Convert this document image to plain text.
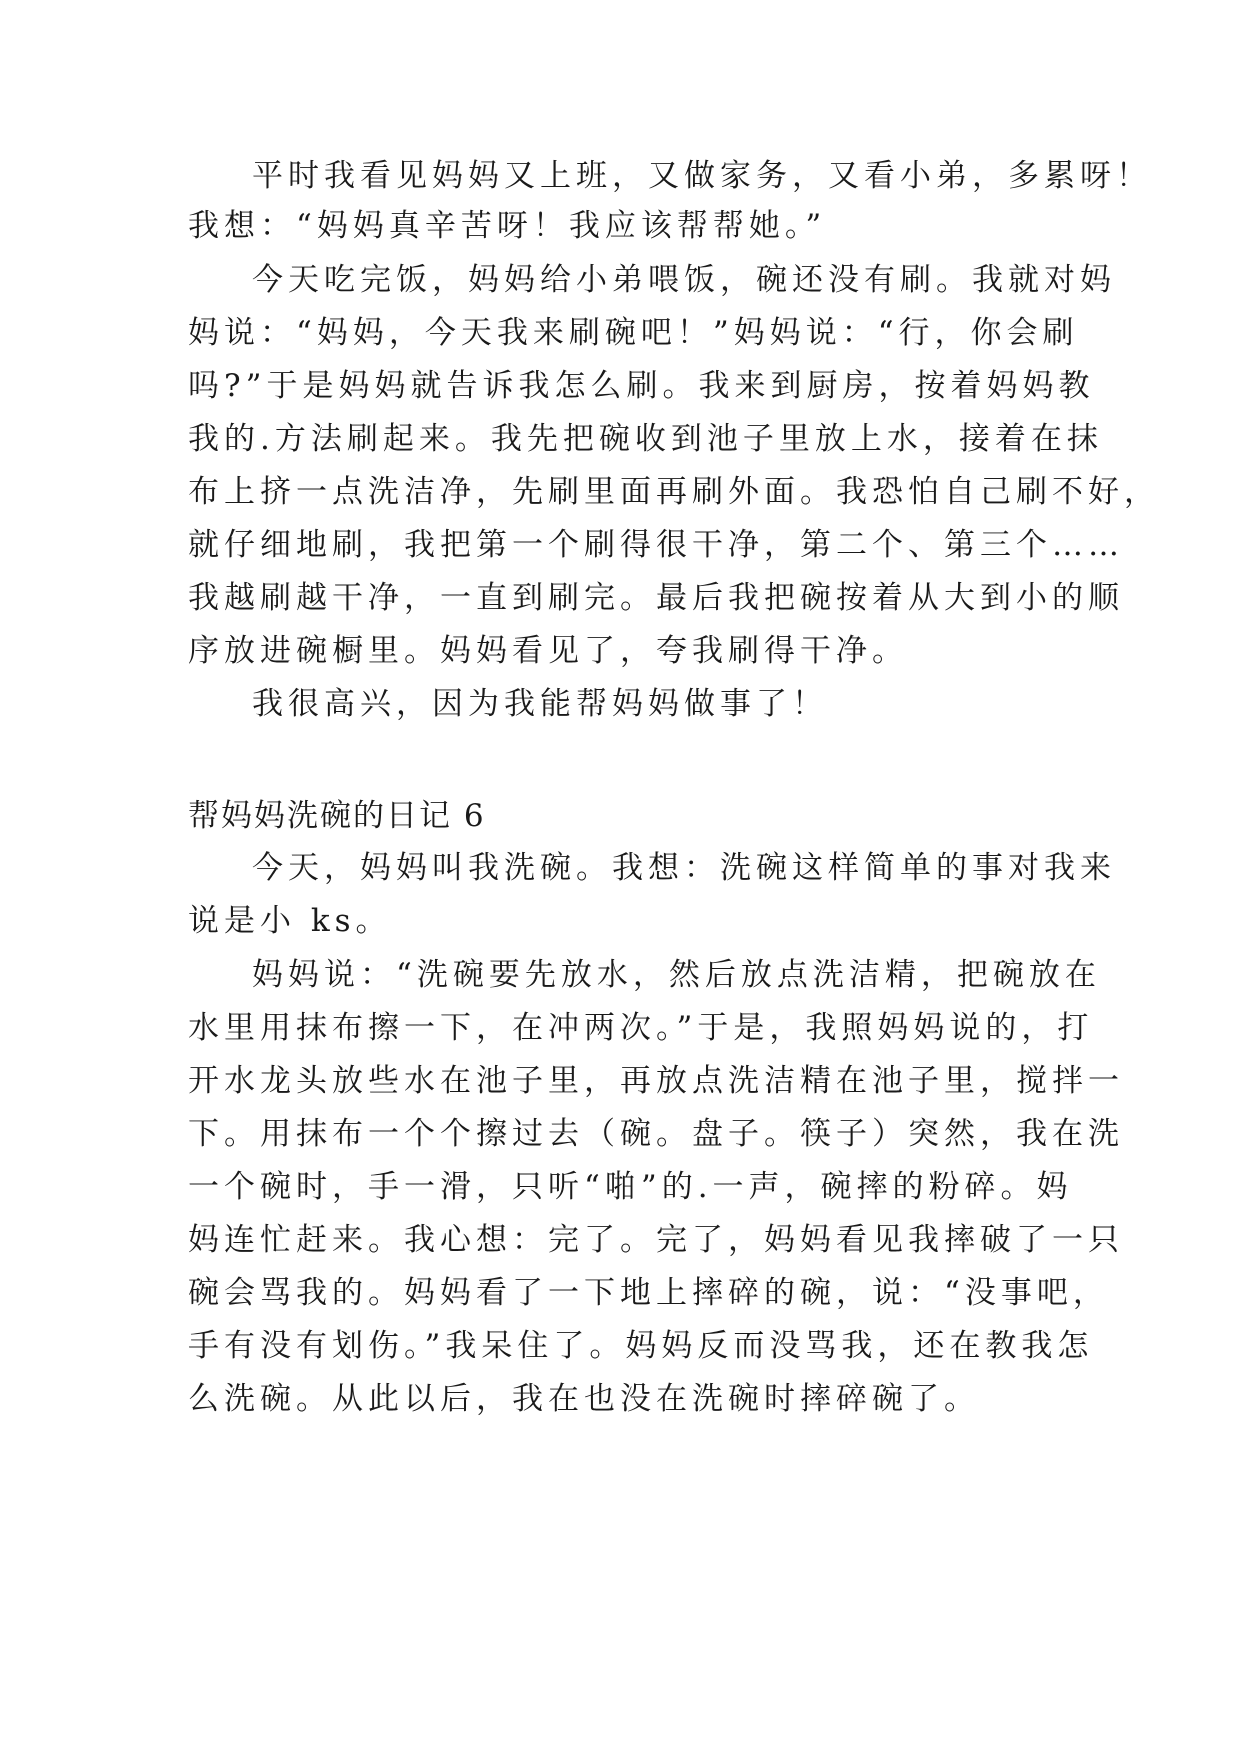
平时我看见妈妈又上班，又做家务，又看小弟，多累呀！
我想：“妈妈真辛苦呀！我应该帮帮她。”
今天吃完饭，妈妈给小弟喂饭，碗还没有刷。我就对妈
妈说：“妈妈，今天我来刷碗吧！”妈妈说：“行，你会刷
吗?”于是妈妈就告诉我怎么刷。我来到厨房，按着妈妈教
我的.方法刷起来。我先把碗收到池子里放上水，接着在抹
布上挤一点洗洁净，先刷里面再刷外面。我恐怕自己刷不好，
就仔细地刷，我把第一个刷得很干净，第二个、第三个……
我越刷越干净，一直到刷完。最后我把碗按着从大到小的顺
序放进碗橱里。妈妈看见了，夸我刷得干净。
我很高兴，因为我能帮妈妈做事了！
帮妈妈洗碗的日记 6
今天，妈妈叫我洗碗。我想：洗碗这样简单的事对我来
说是小 ks。
妈妈说：“洗碗要先放水，然后放点洗洁精，把碗放在
水里用抹布擦一下，在冲两次。”于是，我照妈妈说的，打
开水龙头放些水在池子里，再放点洗洁精在池子里，搅拌一
下。用抹布一个个擦过去（碗。盘子。筷子）突然，我在洗
一个碗时，手一滑，只听“啪”的.一声，碗摔的粉碎。妈
妈连忙赶来。我心想：完了。完了，妈妈看见我摔破了一只
碗会骂我的。妈妈看了一下地上摔碎的碗，说：“没事吧，
手有没有划伤。”我呆住了。妈妈反而没骂我，还在教我怎
么洗碗。从此以后，我在也没在洗碗时摔碎碗了。
